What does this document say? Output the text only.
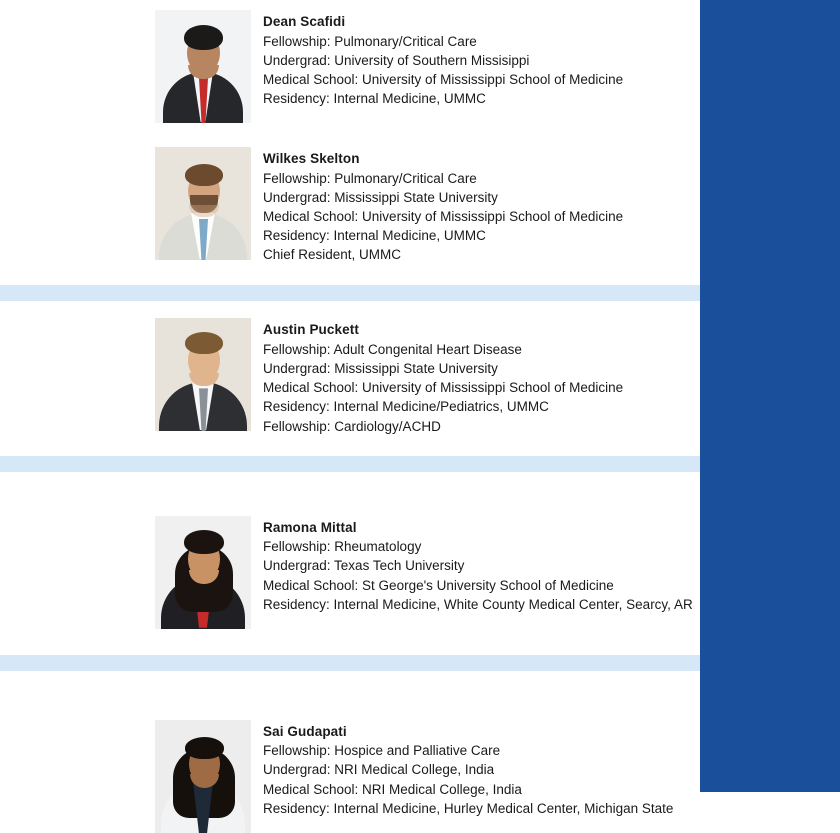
Dean Scafidi
Fellowship: Pulmonary/Critical Care
Undergrad: University of Southern Missisippi
Medical School: University of Mississippi School of Medicine
Residency: Internal Medicine, UMMC
Wilkes Skelton
Fellowship: Pulmonary/Critical Care
Undergrad: Mississippi State University
Medical School: University of Mississippi School of Medicine
Residency: Internal Medicine, UMMC
Chief Resident, UMMC
Austin Puckett
Fellowship: Adult Congenital Heart Disease
Undergrad: Mississippi State University
Medical School: University of Mississippi School of Medicine
Residency: Internal Medicine/Pediatrics, UMMC
Fellowship: Cardiology/ACHD
Ramona Mittal
Fellowship: Rheumatology
Undergrad: Texas Tech University
Medical School: St George's University School of Medicine
Residency: Internal Medicine, White County Medical Center, Searcy, AR
Sai Gudapati
Fellowship: Hospice and Palliative Care
Undergrad: NRI Medical College, India
Medical School: NRI Medical College, India
Residency: Internal Medicine, Hurley Medical Center, Michigan State
